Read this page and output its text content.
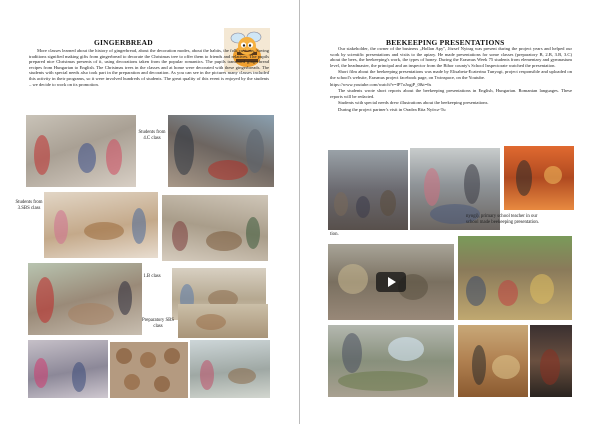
GINGERBREAD

More classes learned about the history of gingerbread, about the decoration modes, about the habits, the folk customs. Saving traditions signified making gifts from gingerbread to decorate the Christmas tree to offer them to friends and relatives. The pupils prepared nice Christmas presents of it, using decorations taken from the popular romantics. The pupils translated gingerbread recipes from Hungarian to English. The Christmas trees in the classes and at home were decorated with these gingerbreads. The students with special needs also took part in the preparation and decoration. As you can see in the pictures many classes included this activity in their programs, so it were involved hundreds of students. The great quality of this event is enjoyed by the students – we decide to work on its promotion.

Students from 4.C class
Students from 3.SBS class
1.B class
Preparatory SBS class
BEEKEEPING PRESENTATIONS

Our stakeholder, the owner of the business „Hollan Apy", József Nyirag was present during the project years and helped our work by scientific presentations and visits to the apiary. He made presentations for some classes (preparatory B, 2.B, 3.B, 3.C) about the bees, the beekeeping's work, the types of honey. During the Erasmus Week 75 students from elementary and gymnasium level, the headmaster, the principal and an inspector from the Bihor county's School Inspectorate watched the presentation.

Short film about the beekeeping presentations was made by Elisabeta-Ecaterina Tunyogi, project responsible and uploaded on the school's website, Erasmus project facebook page, on Twinspace, on the Youtube.

https://www.youtube.com/watch?v=lP7oJogjP_0&t=6s

The students wrote short reports about the beekeeping presentations in English, Hungarian. Romanian languages. These reports will be redacted.

Students with special needs drew illustrations about the beekeeping presentations.

During the project partner's visit in Oradea Rita Nyírcz-Tu

nyogi), primary school teacher in our
school made beekeeping presentation.
tion.
